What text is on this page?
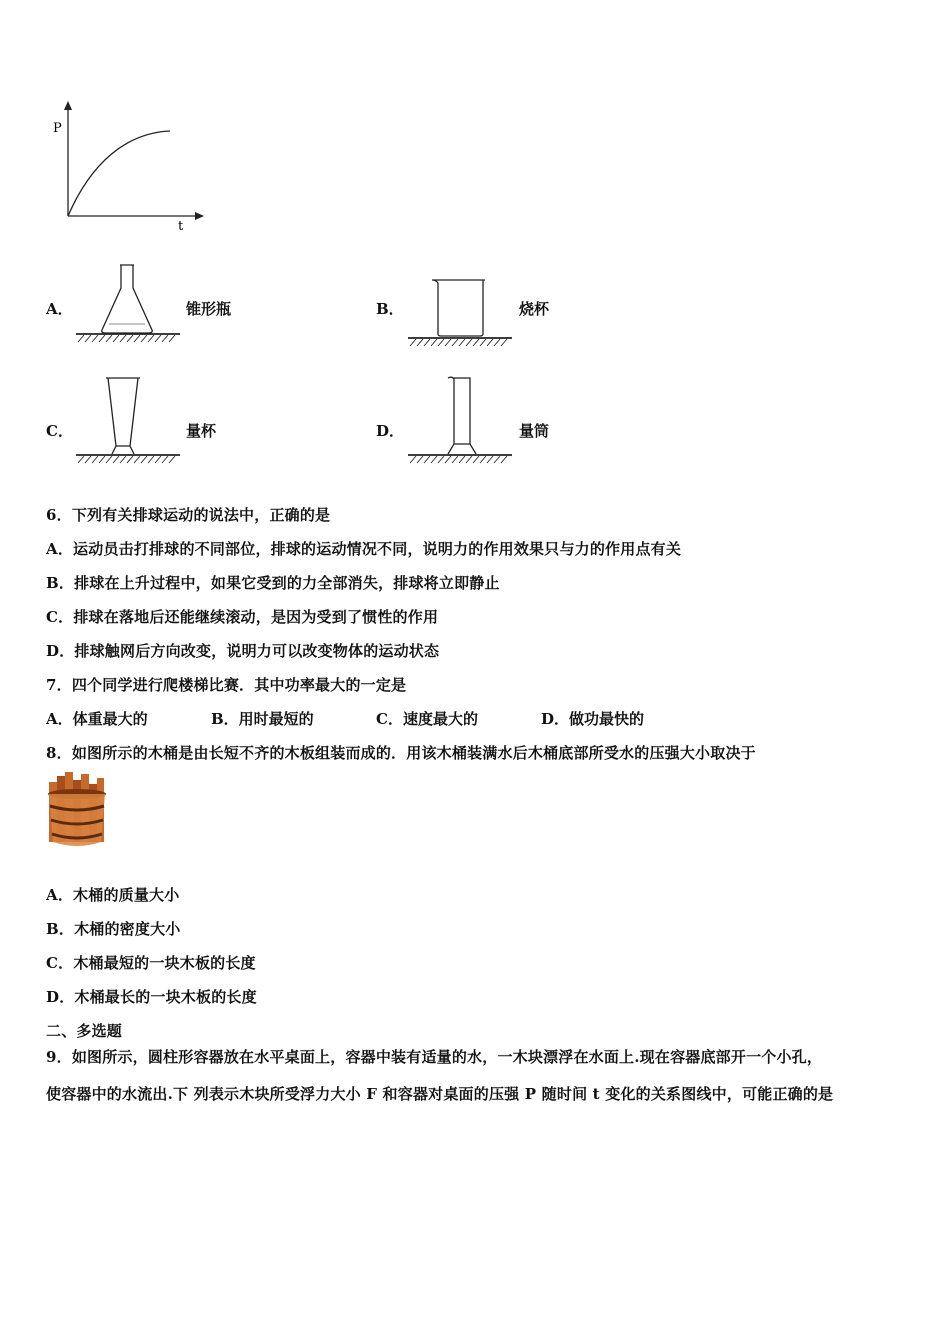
P
t
A．	锥形瓶	B．	烧杯
C．	量杯	D．	量筒
6．下列有关排球运动的说法中，正确的是
A．运动员击打排球的不同部位，排球的运动情况不同，说明力的作用效果只与力的作用点有关
B．排球在上升过程中，如果它受到的力全部消失，排球将立即静止
C．排球在落地后还能继续滚动，是因为受到了惯性的作用
D．排球触网后方向改变，说明力可以改变物体的运动状态
7．四个同学进行爬楼梯比赛．其中功率最大的一定是
A．体重最大的	B．用时最短的	C．速度最大的	D．做功最快的
8．如图所示的木桶是由长短不齐的木板组装而成的．用该木桶装满水后木桶底部所受水的压强大小取决于
A．木桶的质量大小
B．木桶的密度大小
C．木桶最短的一块木板的长度
D．木桶最长的一块木板的长度
二、多选题
9．如图所示，圆柱形容器放在水平桌面上，容器中装有适量的水，一木块漂浮在水面上.现在容器底部开一个小孔，
使容器中的水流出.下 列表示木块所受浮力大小 F 和容器对桌面的压强 P 随时间 t 变化的关系图线中，可能正确的是
